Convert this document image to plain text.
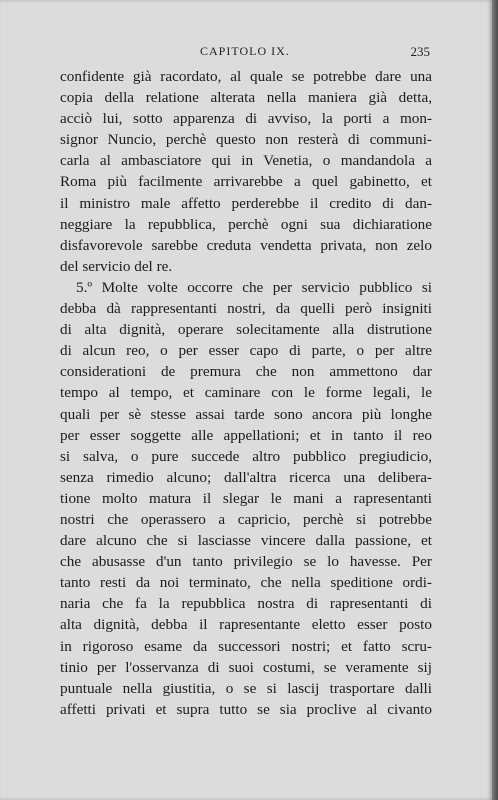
CAPITOLO IX.	235
confidente già racordato, al quale se potrebbe dare una
copia della relatione alterata nella maniera già detta,
acciò lui, sotto apparenza di avviso, la porti a mon-
signor Nuncio, perchè questo non resterà di communi-
carla al ambasciatore qui in Venetia, o mandandola a
Roma più facilmente arrivarebbe a quel gabinetto, et
il ministro male affetto perderebbe il credito di dan-
neggiare la repubblica, perchè ogni sua dichiaratione
disfavorevole sarebbe creduta vendetta privata, non zelo
del servicio del re.
5.º Molte volte occorre che per servicio pubblico si
debba dà rappresentanti nostri, da quelli però insigniti
di alta dignità, operare solecitamente alla distrutione
di alcun reo, o per esser capo di parte, o per altre
considerationi de premura che non ammettono dar
tempo al tempo, et caminare con le forme legali, le
quali per sè stesse assai tarde sono ancora più longhe
per esser soggette alle appellationi; et in tanto il reo
si salva, o pure succede altro pubblico pregiudicio,
senza rimedio alcuno; dall'altra ricerca una delibera-
tione molto matura il slegar le mani a rapresentanti
nostri che operassero a capricio, perchè si potrebbe
dare alcuno che si lasciasse vincere dalla passione, et
che abusasse d'un tanto privilegio se lo havesse. Per
tanto resti da noi terminato, che nella speditione ordi-
naria che fa la repubblica nostra di rapresentanti di
alta dignità, debba il rapresentante eletto esser posto
in rigoroso esame da successori nostri; et fatto scru-
tinio per l'osservanza di suoi costumi, se veramente sij
puntuale nella giustitia, o se si lascij trasportare dalli
affetti privati et supra tutto se sia proclive al civanto
